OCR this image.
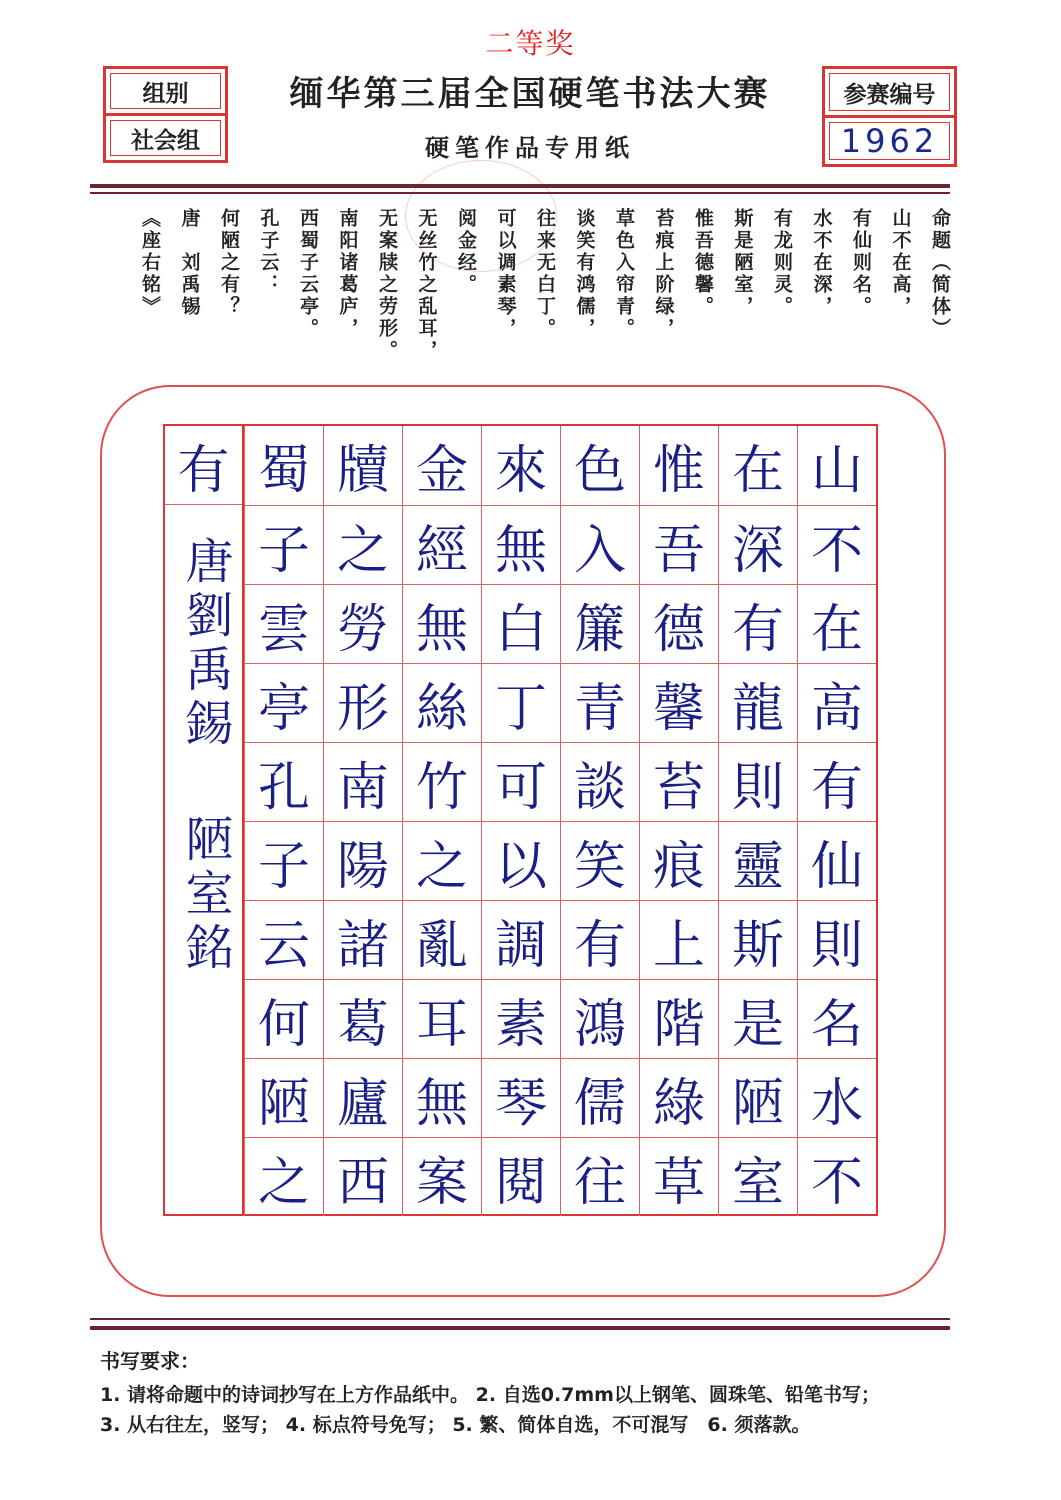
二等奖
组别
社会组
缅华第三届全国硬笔书法大赛
硬笔作品专用纸
参赛编号
1962
命题（简体）
山不在高，
有仙则名。
水不在深，
有龙则灵。
斯是陋室，
惟吾德馨。
苔痕上阶绿，
草色入帘青。
谈笑有鸿儒，
往来无白丁。
可以调素琴，
阅金经。
无丝竹之乱耳，
无案牍之劳形。
南阳诸葛庐，
西蜀子云亭。
孔子云：
何陋之有？
唐　刘禹锡
《座右铭》
有
唐劉禹錫 陋室銘
山
不
在
高
有
仙
則
名
水
不
在
深
有
龍
則
靈
斯
是
陋
室
惟
吾
德
馨
苔
痕
上
階
綠
草
色
入
簾
青
談
笑
有
鴻
儒
往
來
無
白
丁
可
以
調
素
琴
閱
金
經
無
絲
竹
之
亂
耳
無
案
牘
之
勞
形
南
陽
諸
葛
廬
西
蜀
子
雲
亭
孔
子
云
何
陋
之
书写要求：
1. 请将命题中的诗词抄写在上方作品纸中。 2. 自选0.7mm以上钢笔、圆珠笔、铅笔书写；
3. 从右往左，竖写； 4. 标点符号免写； 5. 繁、简体自选，不可混写　6. 须落款。
